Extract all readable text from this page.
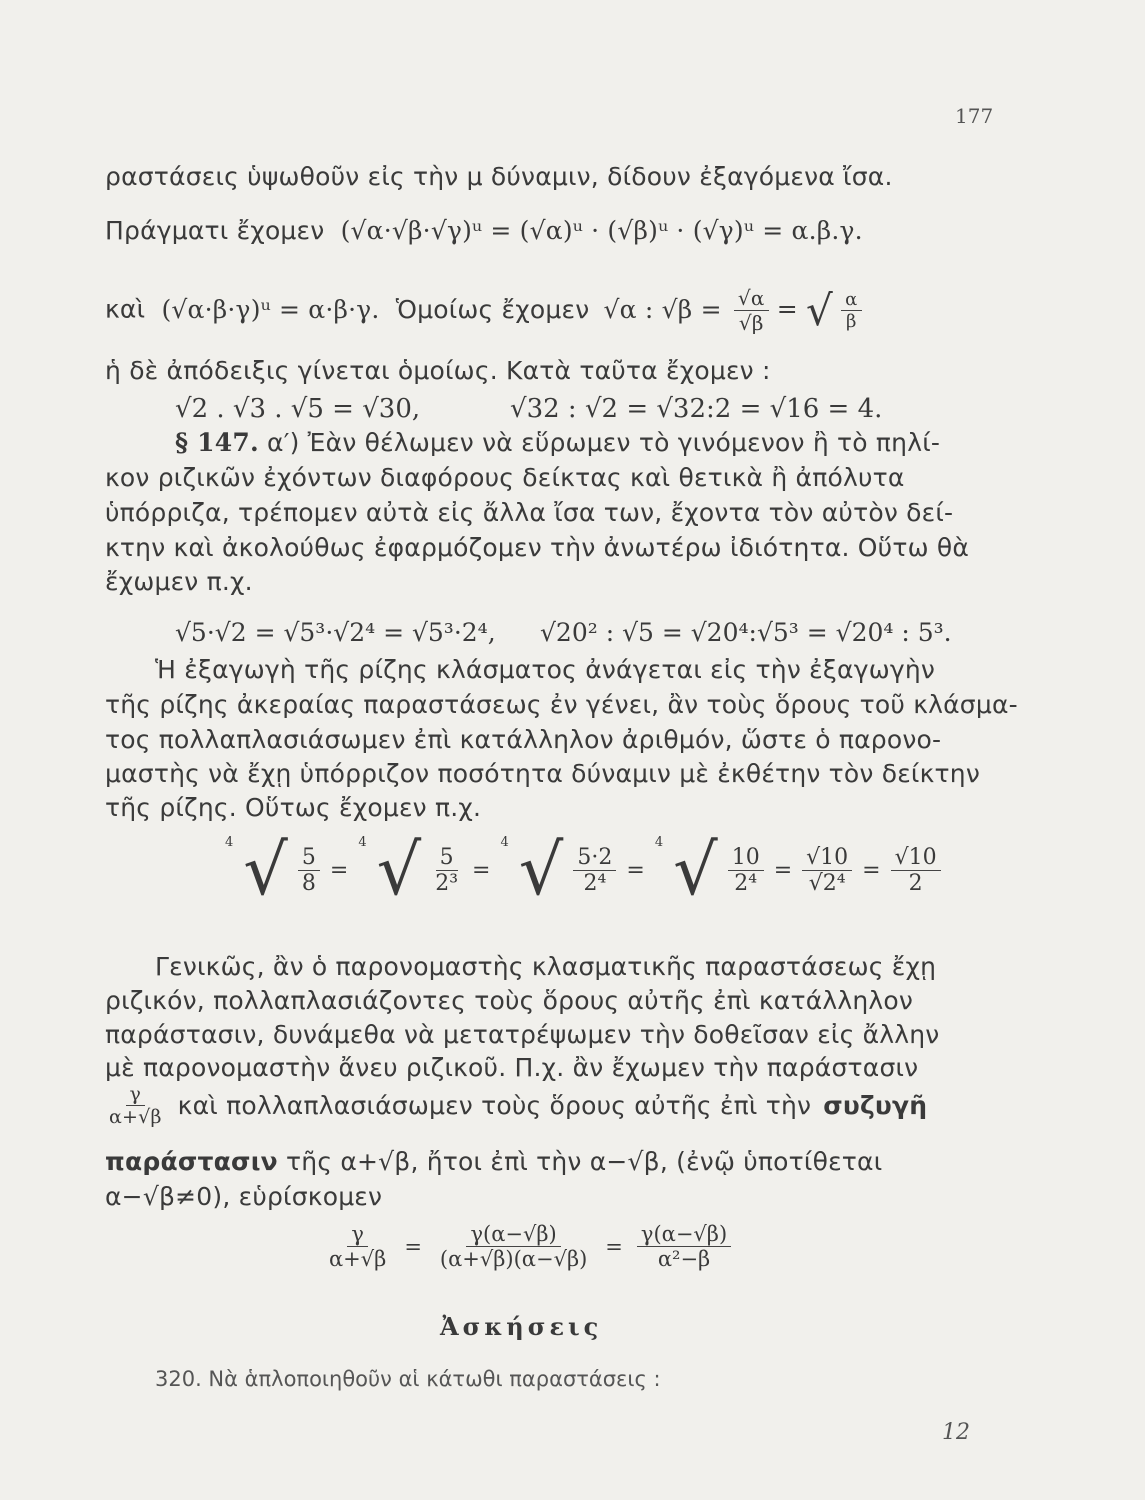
177
ραστάσεις ὑψωθοῦν εἰς τὴν μ δύναμιν, δίδουν ἐξαγόμενα ἴσα.
Πράγματι ἔχομεν (√α·√β·√γ)ᵘ = (√α)ᵘ · (√β)ᵘ · (√γ)ᵘ = α.β.γ.
καὶ (√α·β·γ)ᵘ = α·β·γ. Ὁμοίως ἔχομεν √α : $√\beta = \frac{√\alpha}{√\beta}$ = √ $\frac{\alpha}{\beta}$
ἡ δὲ ἀπόδειξις γίνεται ὁμοίως. Κατὰ ταῦτα ἔχομεν :
√2 . √3 . √5 = √30,	√32 : √2 = √32:2 = √16 = 4.
§ 147. α′) Ἐὰν θέλωμεν νὰ εὕρωμεν τὸ γινόμενον ἢ τὸ πηλί-
κον ριζικῶν ἐχόντων διαφόρους δείκτας καὶ θετικὰ ἢ ἀπόλυτα
ὑπόρριζα, τρέπομεν αὐτὰ εἰς ἄλλα ἴσα των, ἔχοντα τὸν αὐτὸν δεί-
κτην καὶ ἀκολούθως ἐφαρμόζομεν τὴν ἀνωτέρω ἰδιότητα. Οὕτω θὰ
ἔχωμεν π.χ.
√5·√2 = √5³·√2⁴ = √5³·2⁴, √20² : √5 = √20⁴:√5³ = √20⁴ : 5³.
Ἡ ἐξαγωγὴ τῆς ρίζης κλάσματος ἀνάγεται εἰς τὴν ἐξαγωγὴν
τῆς ρίζης ἀκεραίας παραστάσεως ἐν γένει, ἂν τοὺς ὅρους τοῦ κλάσμα-
τος πολλαπλασιάσωμεν ἐπὶ κατάλληλον ἀριθμόν, ὥστε ὁ παρονο-
μαστὴς νὰ ἔχῃ ὑπόρριζον ποσότητα δύναμιν μὲ ἐκθέτην τὸν δείκτην
τῆς ρίζης. Οὕτως ἔχομεν π.χ.
4 √ $\frac{5}{8}$ =
4 √ $\frac{5}{\text{2³}}$ =
4 √ $\frac{5\cdot 2}{\text{2⁴}}$ =
4 √ $\frac{10}{\text{2⁴}} = \frac{√10}{\text{√2⁴}} = \frac{√10}{2}$
Γενικῶς, ἂν ὁ παρονομαστὴς κλασματικῆς παραστάσεως ἔχῃ
ριζικόν, πολλαπλασιάζοντες τοὺς ὅρους αὐτῆς ἐπὶ κατάλληλον
παράστασιν, δυνάμεθα νὰ μετατρέψωμεν τὴν δοθεῖσαν εἰς ἄλλην
μὲ παρονομαστὴν ἄνευ ριζικοῦ. Π.χ. ἂν ἔχωμεν τὴν παράστασιν
$\frac{\gamma}{\alpha+√\beta}$ καὶ πολλαπλασιάσωμεν τοὺς ὅρους αὐτῆς ἐπὶ τὴν συζυγῆ
παράστασιν τῆς α+√β, ἤτοι ἐπὶ τὴν α−√β, (ἐνῷ ὑποτίθεται
α−√β≠0), εὑρίσκομεν
$\frac{\gamma}{\alpha+√\beta} = \frac{\gamma(\alpha-√\beta)}{(\alpha+√\beta)(\alpha-√\beta)} = \frac{\gamma(\alpha-√\beta)}{\text{α²−β}}$
Ἀσκήσεις
320. Νὰ ἁπλοποιηθοῦν αἱ κάτωθι παραστάσεις :
12
